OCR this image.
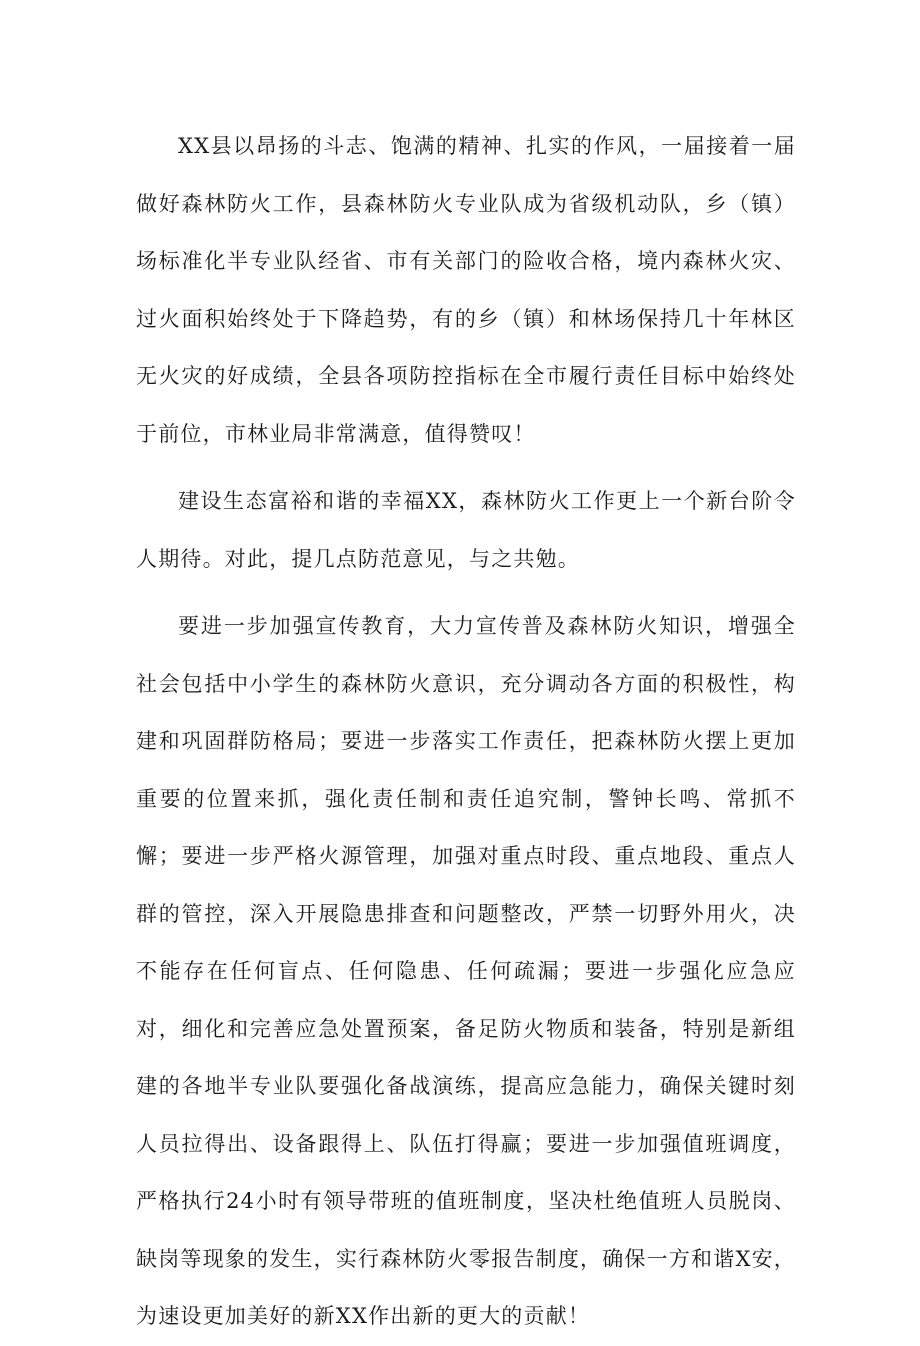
XX县以昂扬的斗志、饱满的精神、扎实的作风，一届接着一届做好森林防火工作，县森林防火专业队成为省级机动队，乡（镇）场标准化半专业队经省、市有关部门的险收合格，境内森林火灾、过火面积始终处于下降趋势，有的乡（镇）和林场保持几十年林区无火灾的好成绩，全县各项防控指标在全市履行责任目标中始终处于前位，市林业局非常满意，值得赞叹！

建设生态富裕和谐的幸福XX，森林防火工作更上一个新台阶令人期待。对此，提几点防范意见，与之共勉。

要进一步加强宣传教育，大力宣传普及森林防火知识，增强全社会包括中小学生的森林防火意识，充分调动各方面的积极性，构建和巩固群防格局；要进一步落实工作责任，把森林防火摆上更加重要的位置来抓，强化责任制和责任追究制，警钟长鸣、常抓不懈；要进一步严格火源管理，加强对重点时段、重点地段、重点人群的管控，深入开展隐患排查和问题整改，严禁一切野外用火，决不能存在任何盲点、任何隐患、任何疏漏；要进一步强化应急应对，细化和完善应急处置预案，备足防火物质和装备，特别是新组建的各地半专业队要强化备战演练，提高应急能力，确保关键时刻人员拉得出、设备跟得上、队伍打得赢；要进一步加强值班调度，严格执行24小时有领导带班的值班制度，坚决杜绝值班人员脱岗、缺岗等现象的发生，实行森林防火零报告制度，确保一方和谐X安，为速设更加美好的新XX作出新的更大的贡献！
